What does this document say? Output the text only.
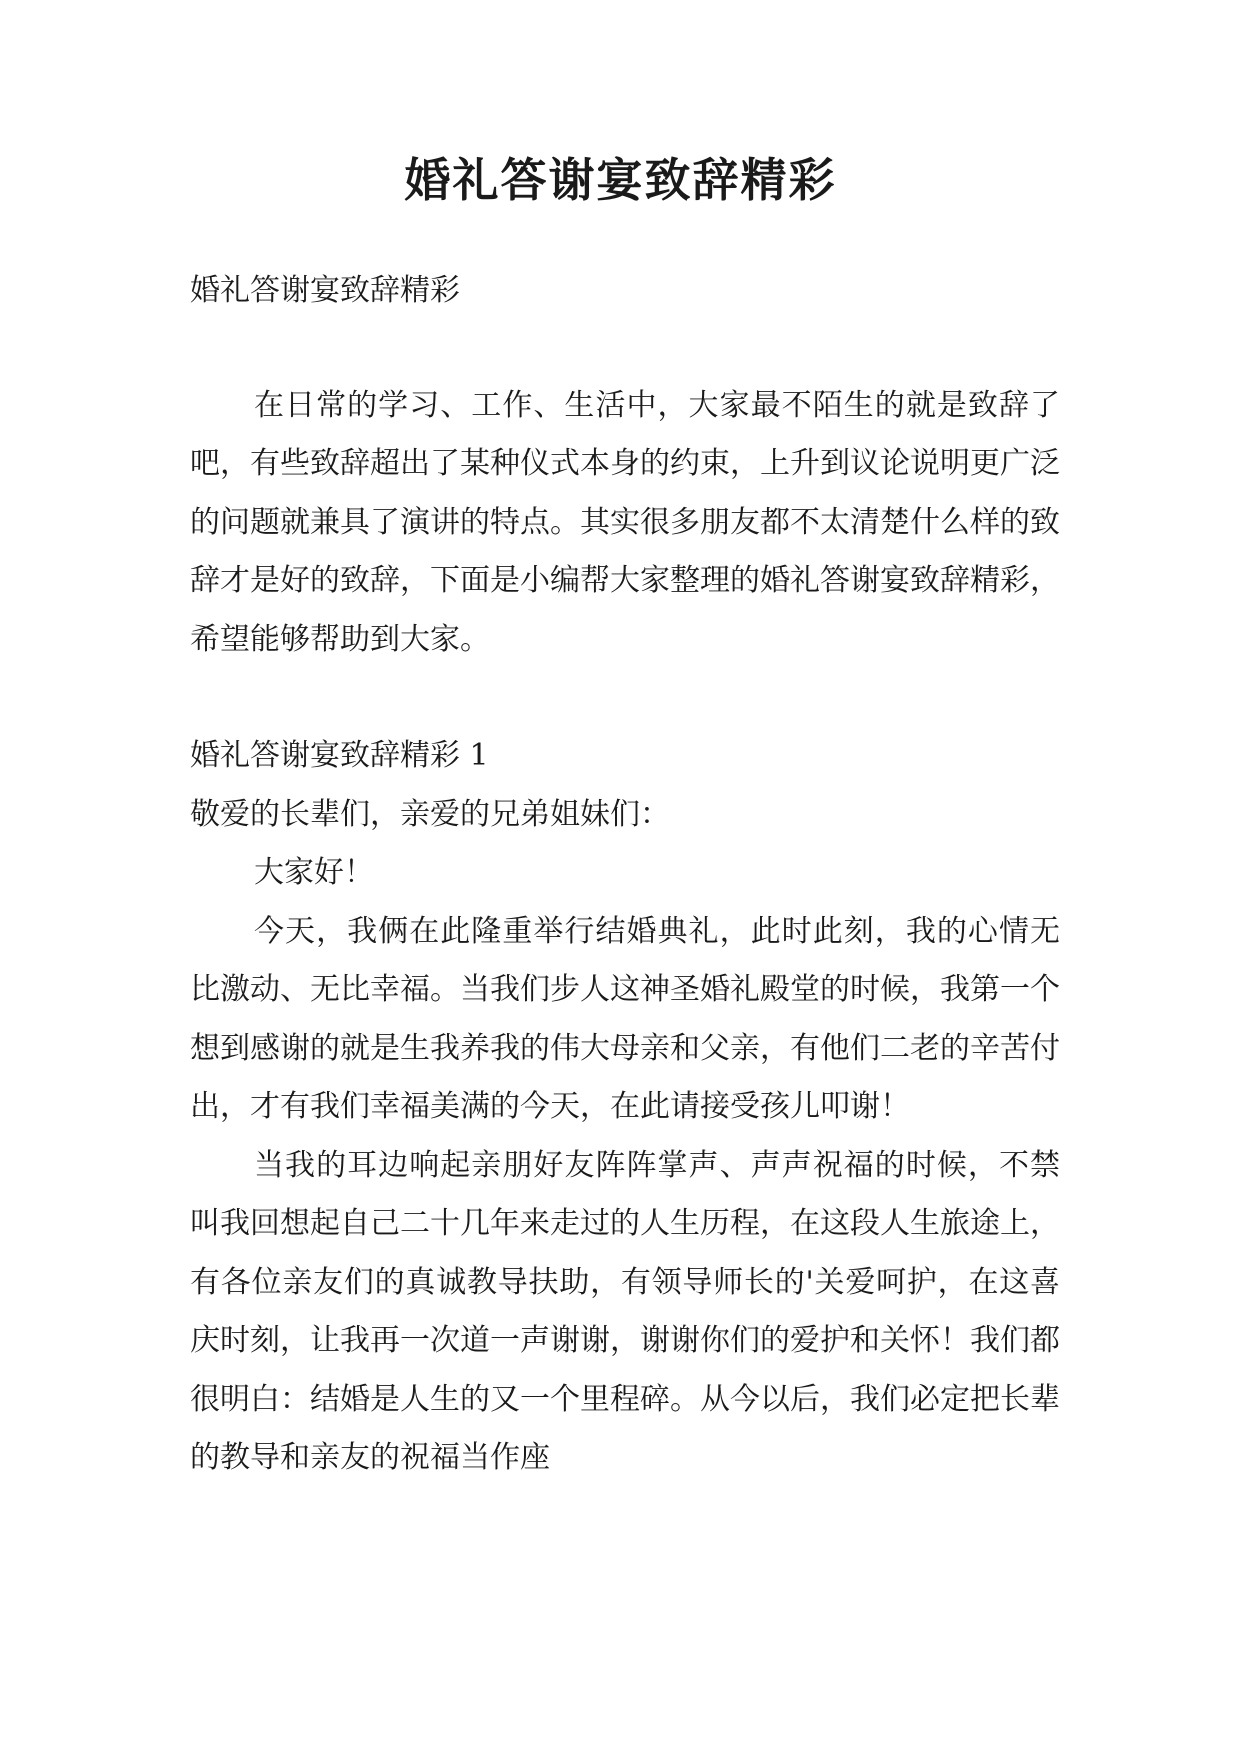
婚礼答谢宴致辞精彩

婚礼答谢宴致辞精彩

在日常的学习、工作、生活中，大家最不陌生的就是致辞了吧，有些致辞超出了某种仪式本身的约束，上升到议论说明更广泛的问题就兼具了演讲的特点。其实很多朋友都不太清楚什么样的致辞才是好的致辞，下面是小编帮大家整理的婚礼答谢宴致辞精彩，希望能够帮助到大家。

婚礼答谢宴致辞精彩 1

敬爱的长辈们，亲爱的兄弟姐妹们：

大家好！

今天，我俩在此隆重举行结婚典礼，此时此刻，我的心情无比激动、无比幸福。当我们步人这神圣婚礼殿堂的时候，我第一个想到感谢的就是生我养我的伟大母亲和父亲，有他们二老的辛苦付出，才有我们幸福美满的今天，在此请接受孩儿叩谢！

当我的耳边响起亲朋好友阵阵掌声、声声祝福的时候，不禁叫我回想起自己二十几年来走过的人生历程，在这段人生旅途上，有各位亲友们的真诚教导扶助，有领导师长的'关爱呵护，在这喜庆时刻，让我再一次道一声谢谢，谢谢你们的爱护和关怀！我们都很明白：结婚是人生的又一个里程碎。从今以后，我们必定把长辈的教导和亲友的祝福当作座
